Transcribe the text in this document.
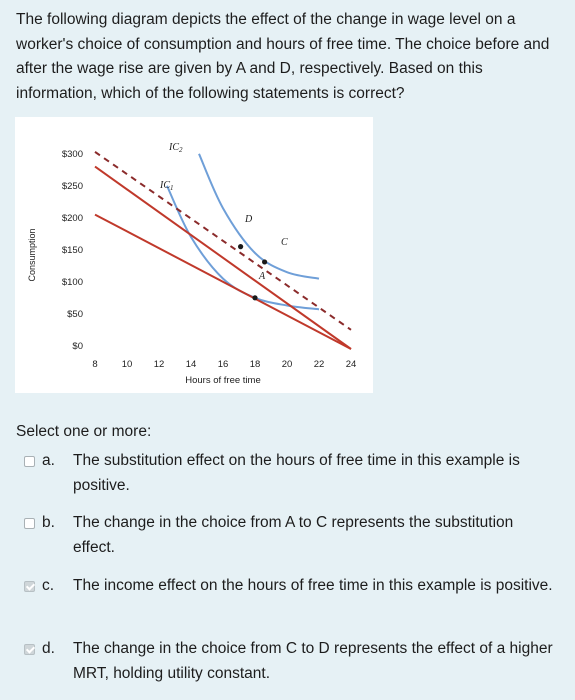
The following diagram depicts the effect of the change in wage level on a worker's choice of consumption and hours of free time. The choice before and after the wage rise are given by A and D, respectively. Based on this information, which of the following statements is correct?

Consumption
$300
$250
$200
$150
$100
$50
$0
8	10 12 14 16 18 20 22 24
Hours of free time
$IC_2$
$IC_1$
D
C
A

Select one or more:

a.	The substitution effect on the hours of free time in this example is positive.
b.	The change in the choice from A to C represents the substitution effect.
c.	The income effect on the hours of free time in this example is positive.
d.	The change in the choice from C to D represents the effect of a higher MRT, holding utility constant.
